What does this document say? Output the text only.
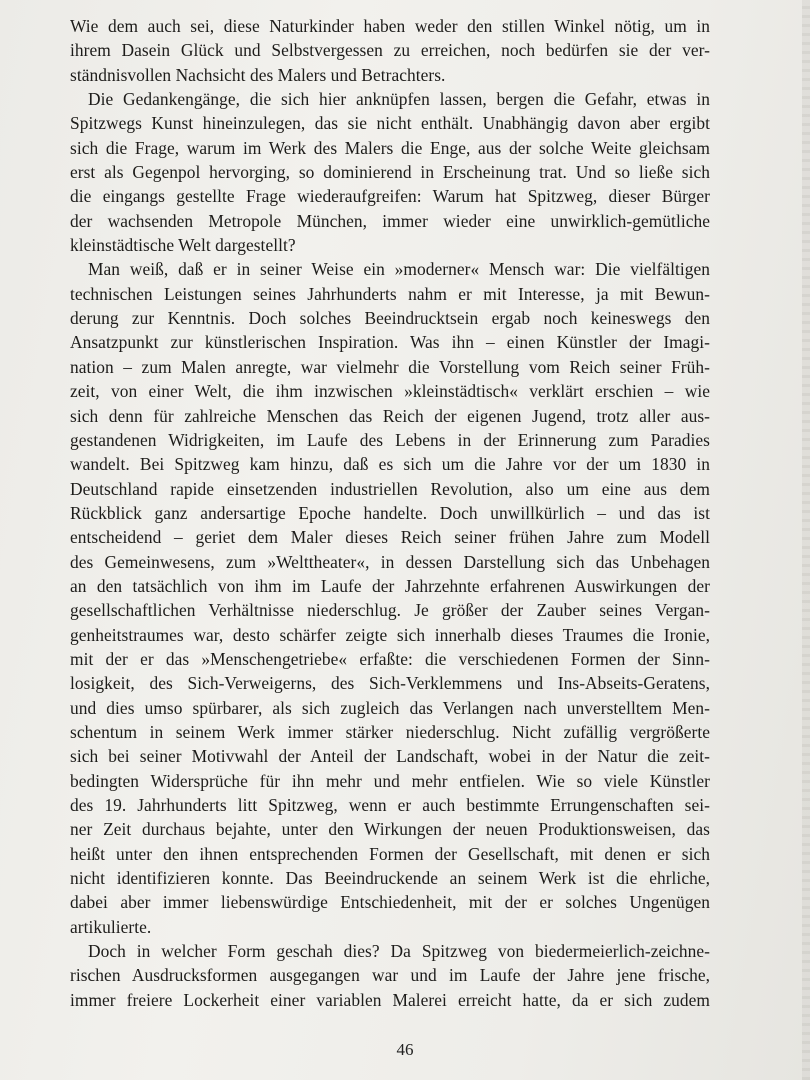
Wie dem auch sei, diese Naturkinder haben weder den stillen Winkel nötig, um in
ihrem Dasein Glück und Selbstvergessen zu erreichen, noch bedürfen sie der ver-
ständnisvollen Nachsicht des Malers und Betrachters.
Die Gedankengänge, die sich hier anknüpfen lassen, bergen die Gefahr, etwas in
Spitzwegs Kunst hineinzulegen, das sie nicht enthält. Unabhängig davon aber ergibt
sich die Frage, warum im Werk des Malers die Enge, aus der solche Weite gleichsam
erst als Gegenpol hervorging, so dominierend in Erscheinung trat. Und so ließe sich
die eingangs gestellte Frage wiederaufgreifen: Warum hat Spitzweg, dieser Bürger
der wachsenden Metropole München, immer wieder eine unwirklich-gemütliche
kleinstädtische Welt dargestellt?
Man weiß, daß er in seiner Weise ein »moderner« Mensch war: Die vielfältigen
technischen Leistungen seines Jahrhunderts nahm er mit Interesse, ja mit Bewun-
derung zur Kenntnis. Doch solches Beeindrucktsein ergab noch keineswegs den
Ansatzpunkt zur künstlerischen Inspiration. Was ihn – einen Künstler der Imagi-
nation – zum Malen anregte, war vielmehr die Vorstellung vom Reich seiner Früh-
zeit, von einer Welt, die ihm inzwischen »kleinstädtisch« verklärt erschien – wie
sich denn für zahlreiche Menschen das Reich der eigenen Jugend, trotz aller aus-
gestandenen Widrigkeiten, im Laufe des Lebens in der Erinnerung zum Paradies
wandelt. Bei Spitzweg kam hinzu, daß es sich um die Jahre vor der um 1830 in
Deutschland rapide einsetzenden industriellen Revolution, also um eine aus dem
Rückblick ganz andersartige Epoche handelte. Doch unwillkürlich – und das ist
entscheidend – geriet dem Maler dieses Reich seiner frühen Jahre zum Modell
des Gemeinwesens, zum »Welttheater«, in dessen Darstellung sich das Unbehagen
an den tatsächlich von ihm im Laufe der Jahrzehnte erfahrenen Auswirkungen der
gesellschaftlichen Verhältnisse niederschlug. Je größer der Zauber seines Vergan-
genheitstraumes war, desto schärfer zeigte sich innerhalb dieses Traumes die Ironie,
mit der er das »Menschengetriebe« erfaßte: die verschiedenen Formen der Sinn-
losigkeit, des Sich-Verweigerns, des Sich-Verklemmens und Ins-Abseits-Geratens,
und dies umso spürbarer, als sich zugleich das Verlangen nach unverstelltem Men-
schentum in seinem Werk immer stärker niederschlug. Nicht zufällig vergrößerte
sich bei seiner Motivwahl der Anteil der Landschaft, wobei in der Natur die zeit-
bedingten Widersprüche für ihn mehr und mehr entfielen. Wie so viele Künstler
des 19. Jahrhunderts litt Spitzweg, wenn er auch bestimmte Errungenschaften sei-
ner Zeit durchaus bejahte, unter den Wirkungen der neuen Produktionsweisen, das
heißt unter den ihnen entsprechenden Formen der Gesellschaft, mit denen er sich
nicht identifizieren konnte. Das Beeindruckende an seinem Werk ist die ehrliche,
dabei aber immer liebenswürdige Entschiedenheit, mit der er solches Ungenügen
artikulierte.
Doch in welcher Form geschah dies? Da Spitzweg von biedermeierlich-zeichne-
rischen Ausdrucksformen ausgegangen war und im Laufe der Jahre jene frische,
immer freiere Lockerheit einer variablen Malerei erreicht hatte, da er sich zudem
46
